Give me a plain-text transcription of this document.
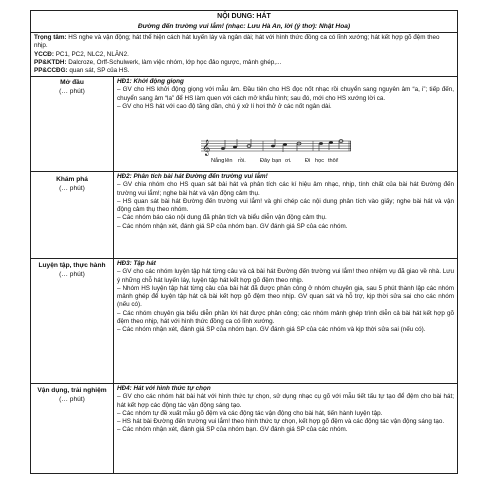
NỘI DUNG: HÁT
Đường đến trường vui lắm! (nhạc: Lưu Hà An, lời (ý thơ): Nhật Hoa)

Trọng tâm: HS nghe và vận động; hát thể hiện cách hát luyến láy và ngân dài; hát với hình thức đồng ca có lĩnh xướng; hát kết hợp gõ đệm theo nhịp.

YCCĐ: PC1, PC2, NLC2, NLĂN2.

PP&KTDH: Dalcroze, Orff-Schulwerk, làm việc nhóm, lớp học đảo ngược, mảnh ghép,...

PP&CCĐG: quan sát, SP của HS.

Mở đầu
(… phút)

HĐ1: Khởi động giọng

– GV cho HS khởi động giọng với mẫu âm. Đầu tiên cho HS đọc nốt nhạc rồi chuyển sang nguyên âm “a, i”; tiếp đến, chuyển sang âm “la” để HS làm quen với cách mở khẩu hình; sau đó, mới cho HS xướng lời ca.

– GV cho HS hát với cao độ tăng dần, chú ý xử lí hơi thở ở các nốt ngân dài.

𝄞
Nắnglên rồi.	Đây bạn ơi. Đi học thôi!
Khám phá
(… phút)

HĐ2: Phân tích bài hát Đường đến trường vui lắm!

– GV chia nhóm cho HS quan sát bài hát và phân tích các kí hiệu âm nhạc, nhịp, tính chất của bài hát Đường đến trường vui lắm!; nghe bài hát và vận động cảm thụ.

– HS quan sát bài hát Đường đến trường vui lắm! và ghi chép các nội dung phân tích vào giấy; nghe bài hát và vận động cảm thụ theo nhóm.

– Các nhóm báo cáo nội dung đã phân tích và biểu diễn vận động cảm thụ.

– Các nhóm nhận xét, đánh giá SP của nhóm bạn. GV đánh giá SP của các nhóm.

Luyện tập, thực hành
(… phút)

HĐ3: Tập hát

– GV cho các nhóm luyện tập hát từng câu và cả bài hát Đường đến trường vui lắm! theo nhiệm vụ đã giao về nhà. Lưu ý những chỗ hát luyến láy, luyện tập hát kết hợp gõ đệm theo nhịp.

– Nhóm HS luyện tập hát từng câu của bài hát đã được phân công ở nhóm chuyên gia, sau 5 phút thành lập các nhóm mảnh ghép để luyện tập hát cả bài kết hợp gõ đệm theo nhịp. GV quan sát và hỗ trợ, kịp thời sửa sai cho các nhóm (nếu có).

– Các nhóm chuyên gia biểu diễn phần lời hát được phân công; các nhóm mảnh ghép trình diễn cả bài hát kết hợp gõ đệm theo nhịp, hát với hình thức đồng ca có lĩnh xướng.

– Các nhóm nhận xét, đánh giá SP của nhóm bạn. GV đánh giá SP của các nhóm và kịp thời sửa sai (nếu có).

Vận dụng, trải nghiệm
(… phút)

HĐ4: Hát với hình thức tự chọn

– GV cho các nhóm hát bài hát với hình thức tự chọn, sử dụng nhạc cụ gõ với mẫu tiết tấu tự tạo để đệm cho bài hát; hát kết hợp các động tác vận động sáng tạo.

– Các nhóm tự đề xuất mẫu gõ đệm và các động tác vận động cho bài hát, tiến hành luyện tập.

– HS hát bài Đường đến trường vui lắm! theo hình thức tự chọn, kết hợp gõ đệm và các động tác vận động sáng tạo.

– Các nhóm nhận xét, đánh giá SP của nhóm bạn. GV đánh giá SP của các nhóm.
